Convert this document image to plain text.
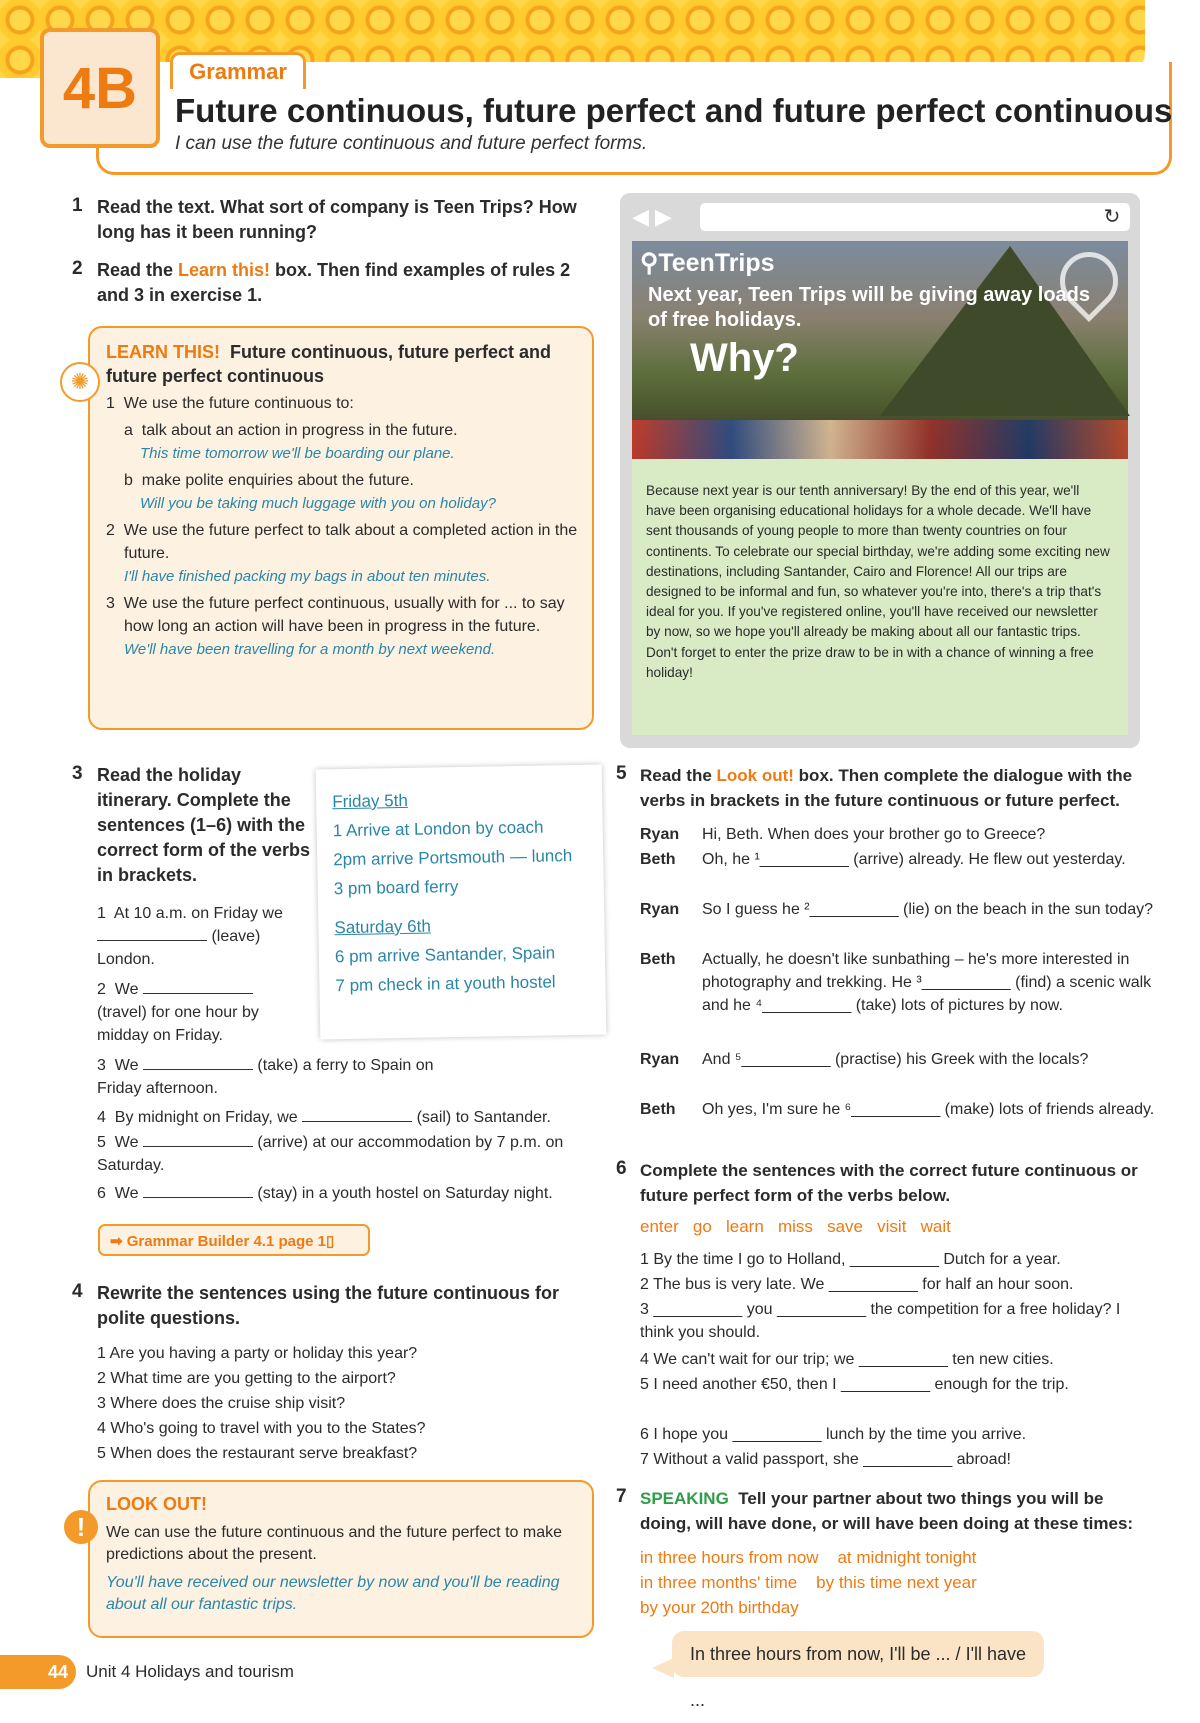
4B	Grammar
Future continuous, future perfect and future perfect continuous
I can use the future continuous and future perfect forms.
1 Read the text. What sort of company is Teen Trips? How long has it been running?
2 Read the Learn this! box. Then find examples of rules 2 and 3 in exercise 1.
LEARN THIS! Future continuous, future perfect and future perfect continuous
1  We use the future continuous to:
a  talk about an action in progress in the future.
This time tomorrow we'll be boarding our plane.
b  make polite enquiries about the future.
Will you be taking much luggage with you on holiday?
2  We use the future perfect to talk about a completed action in the future.
I'll have finished packing my bags in about ten minutes.
3  We use the future perfect continuous, usually with for ... to say how long an action will have been in progress in the future.
We'll have been travelling for a month by next weekend.
✺
◀ ▶	↻
⚲TeenTrips
Next year, Teen Trips will be giving away loads of free holidays.
Why?
Because next year is our tenth anniversary! By the end of this year, we'll have been organising educational holidays for a whole decade. We'll have sent thousands of young people to more than twenty countries on four continents. To celebrate our special birthday, we're adding some exciting new destinations, including Santander, Cairo and Florence! All our trips are designed to be informal and fun, so whatever you're into, there's a trip that's ideal for you. If you've registered online, you'll have received our newsletter by now, so we hope you'll already be making about all our fantastic trips. Don't forget to enter the prize draw to be in with a chance of winning a free holiday!
3 Read the holiday itinerary. Complete the sentences (1–6) with the correct form of the verbs in brackets.
Friday 5th
1 Arrive at London by coach
2pm arrive Portsmouth — lunch
3 pm board ferry
Saturday 6th
6 pm arrive Santander, Spain
7 pm check in at youth hostel
1 At 10 a.m. on Friday we  (leave) London.
2 We  (travel) for one hour by midday on Friday.
3 We	(take) a ferry to Spain on Friday afternoon.
4 By midnight on Friday, we	(sail) to Santander.
5 We	(arrive) at our accommodation by 7 p.m. on Saturday.
6 We	(stay) in a youth hostel on Saturday night.
➡ Grammar Builder 4.1 page 1▯
4 Rewrite the sentences using the future continuous for polite questions.
1 Are you having a party or holiday this year?
2 What time are you getting to the airport?
3 Where does the cruise ship visit?
4 Who's going to travel with you to the States?
5 When does the restaurant serve breakfast?
LOOK OUT!
We can use the future continuous and the future perfect to make predictions about the present.
You'll have received our newsletter by now and you'll be reading about all our fantastic trips.
!
5 Read the Look out! box. Then complete the dialogue with the verbs in brackets in the future continuous or future perfect.
Ryan Hi, Beth. When does your brother go to Greece?
Beth Oh, he ¹__________ (arrive) already. He flew out yesterday.
Ryan So I guess he ²__________ (lie) on the beach in the sun today?
Beth Actually, he doesn't like sunbathing – he's more interested in photography and trekking. He ³__________ (find) a scenic walk and he ⁴__________ (take) lots of pictures by now.
Ryan And ⁵__________ (practise) his Greek with the locals?
Beth Oh yes, I'm sure he ⁶__________ (make) lots of friends already.
6 Complete the sentences with the correct future continuous or future perfect form of the verbs below.
enter   go   learn   miss   save   visit   wait
1 By the time I go to Holland, __________ Dutch for a year.
2 The bus is very late. We __________ for half an hour soon.
3 __________ you __________ the competition for a free holiday? I think you should.
4 We can't wait for our trip; we __________ ten new cities.
5 I need another €50, then I __________ enough for the trip.
6 I hope you __________ lunch by the time you arrive.
7 Without a valid passport, she __________ abroad!
7 SPEAKING Tell your partner about two things you will be doing, will have done, or will have been doing at these times:
in three hours from now    at midnight tonight
in three months' time    by this time next year
by your 20th birthday
In three hours from now, I'll be ... / I'll have ...
44	Unit 4 Holidays and tourism
